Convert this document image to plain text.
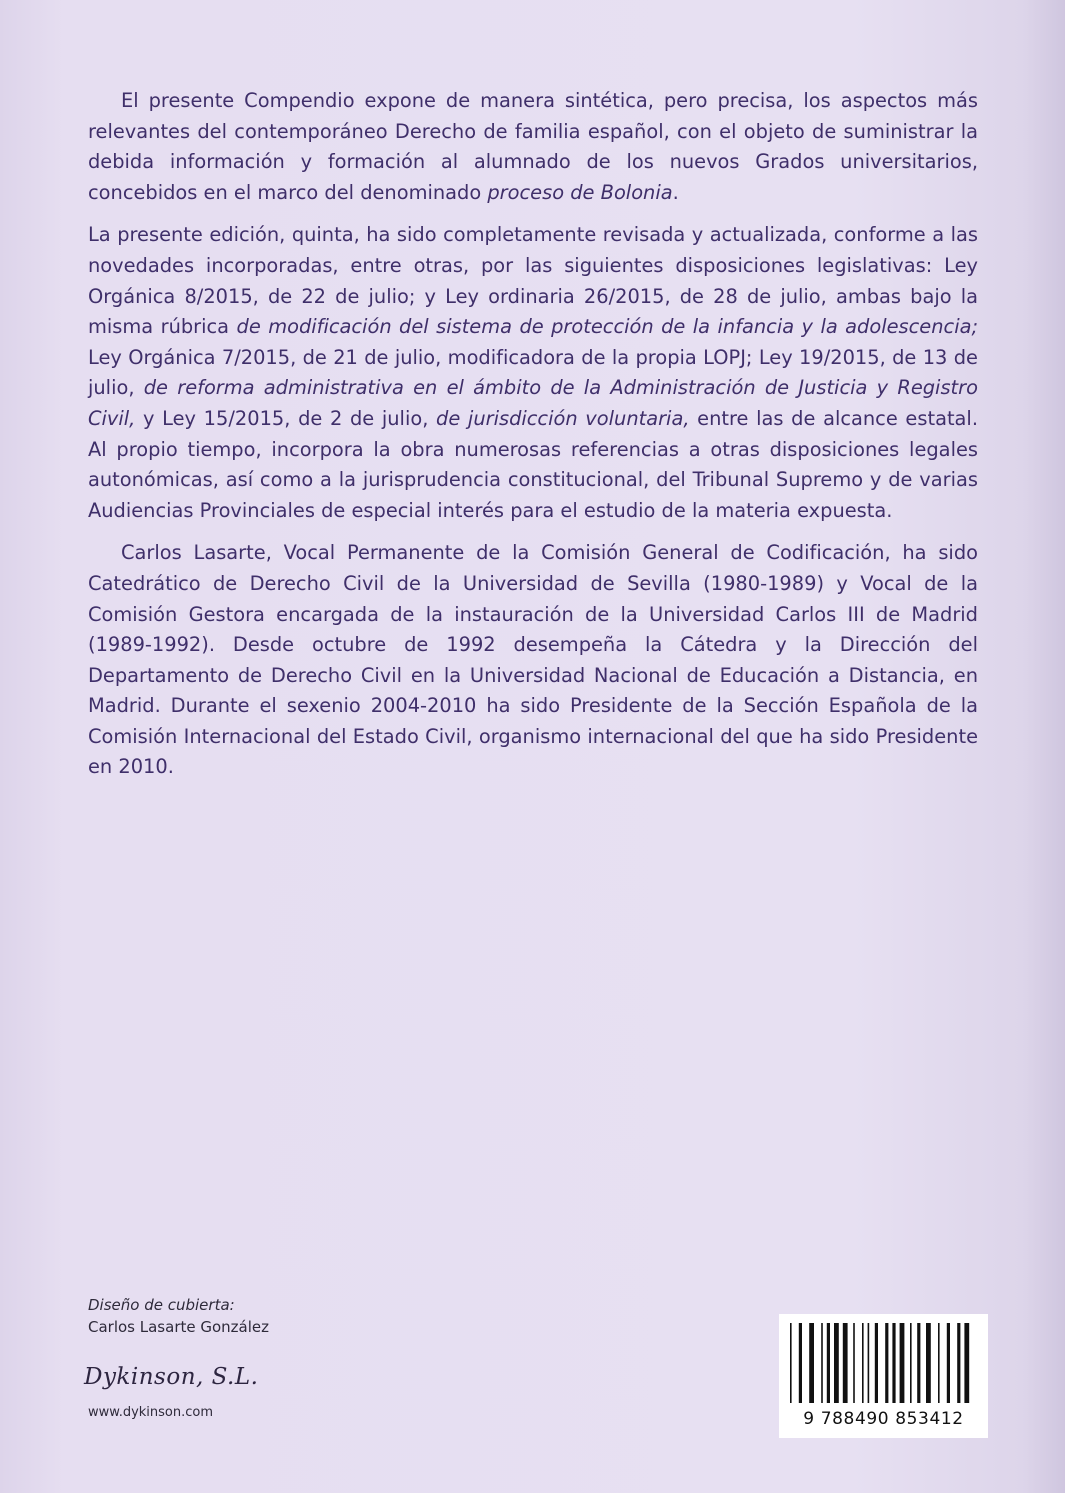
El presente Compendio expone de manera sintética, pero precisa, los aspectos más relevantes del contemporáneo Derecho de familia español, con el objeto de suministrar la debida información y formación al alumnado de los nuevos Grados universitarios, concebidos en el marco del denominado proceso de Bolonia.

La presente edición, quinta, ha sido completamente revisada y actualizada, conforme a las novedades incorporadas, entre otras, por las siguientes disposiciones legislativas: Ley Orgánica 8/2015, de 22 de julio; y Ley ordinaria 26/2015, de 28 de julio, ambas bajo la misma rúbrica de modificación del sistema de protección de la infancia y la adolescencia; Ley Orgánica 7/2015, de 21 de julio, modificadora de la propia LOPJ; Ley 19/2015, de 13 de julio, de reforma administrativa en el ámbito de la Administración de Justicia y Registro Civil, y Ley 15/2015, de 2 de julio, de jurisdicción voluntaria, entre las de alcance estatal. Al propio tiempo, incorpora la obra numerosas referencias a otras disposiciones legales autonómicas, así como a la jurisprudencia constitucional, del Tribunal Supremo y de varias Audiencias Provinciales de especial interés para el estudio de la materia expuesta.

Carlos Lasarte, Vocal Permanente de la Comisión General de Codificación, ha sido Catedrático de Derecho Civil de la Universidad de Sevilla (1980-1989) y Vocal de la Comisión Gestora encargada de la instauración de la Universidad Carlos III de Madrid (1989-1992). Desde octubre de 1992 desempeña la Cátedra y la Dirección del Departamento de Derecho Civil en la Universidad Nacional de Educación a Distancia, en Madrid. Durante el sexenio 2004-2010 ha sido Presidente de la Sección Española de la Comisión Internacional del Estado Civil, organismo internacional del que ha sido Presidente en 2010.

Diseño de cubierta:
Carlos Lasarte González
Dykinson, S.L.
www.dykinson.com	9 788490 853412
